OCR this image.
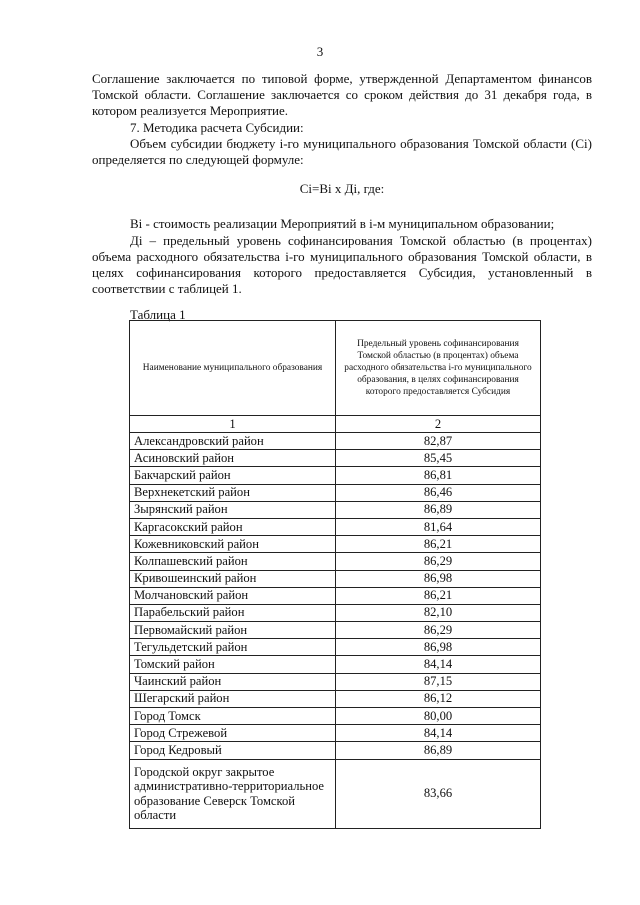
3

Соглашение заключается по типовой форме, утвержденной Департаментом финансов Томской области. Соглашение заключается со сроком действия до 31 декабря года, в котором реализуется Мероприятие.

7. Методика расчета Субсидии:

Объем субсидии бюджету i-го муниципального образования Томской области (Ci) определяется по следующей формуле:

Ci=Bi x Дi, где:

Bi - стоимость реализации Мероприятий в i-м муниципальном образовании;

Дi – предельный уровень софинансирования Томской областью (в процентах) объема расходного обязательства i-го муниципального образования Томской области, в целях софинансирования которого предоставляется Субсидия, установленный в соответствии с таблицей 1.

Таблица 1
Наименование муниципального образования	Предельный уровень софинансирования Томской областью (в процентах) объема расходного обязательства i-го муниципального образования, в целях софинансирования которого предоставляется Субсидия
1	2
Александровский район	82,87
Асиновский район	85,45
Бакчарский район	86,81
Верхнекетский район	86,46
Зырянский район	86,89
Каргасокский район	81,64
Кожевниковский район	86,21
Колпашевский район	86,29
Кривошеинский район	86,98
Молчановский район	86,21
Парабельский район	82,10
Первомайский район	86,29
Тегульдетский район	86,98
Томский район	84,14
Чаинский район	87,15
Шегарский район	86,12
Город Томск	80,00
Город Стрежевой	84,14
Город Кедровый	86,89
Городской округ закрытое административно-территориальное образование Северск Томской области	83,66
